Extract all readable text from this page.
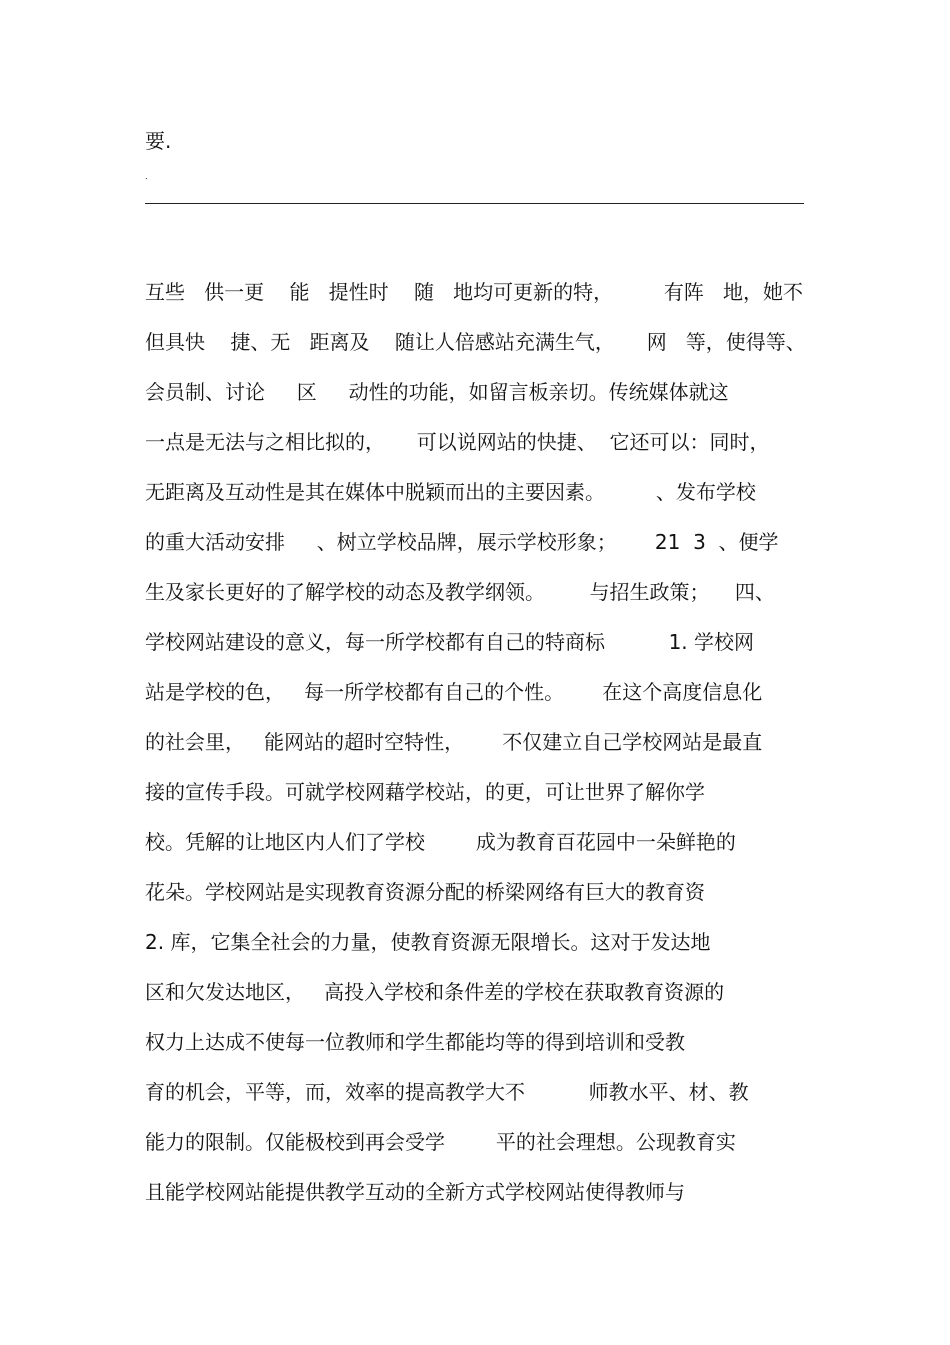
要.
.
互些   供一更    能   提性时    随   地均可更新的特，        有阵   地，她不
但具快    捷、无   距离及    随让人倍感站充满生气，     网   等，使得等、
会员制、讨论     区     动性的功能，如留言板亲切。传统媒体就这
一点是无法与之相比拟的，     可以说网站的快捷、  它还可以：同时，
无距离及互动性是其在媒体中脱颖而出的主要因素。        、发布学校
的重大活动安排     、树立学校品牌，展示学校形象；      21  3  、便学
生及家长更好的了解学校的动态及教学纲领。       与招生政策；    四、
学校网站建设的意义，每一所学校都有自己的特商标          1. 学校网
站是学校的色，   每一所学校都有自己的个性。      在这个高度信息化
的社会里，   能网站的超时空特性，      不仅建立自己学校网站是最直
接的宣传手段。可就学校网藉学校站，的更，可让世界了解你学
校。凭解的让地区内人们了学校        成为教育百花园中一朵鲜艳的
花朵。学校网站是实现教育资源分配的桥梁网络有巨大的教育资
2. 库，它集全社会的力量，使教育资源无限增长。这对于发达地
区和欠发达地区，   高投入学校和条件差的学校在获取教育资源的
权力上达成不使每一位教师和学生都能均等的得到培训和受教
育的机会，平等，而，效率的提高教学大不          师教水平、材、教
能力的限制。仅能极校到再会受学        平的社会理想。公现教育实
且能学校网站能提供教学互动的全新方式学校网站使得教师与
